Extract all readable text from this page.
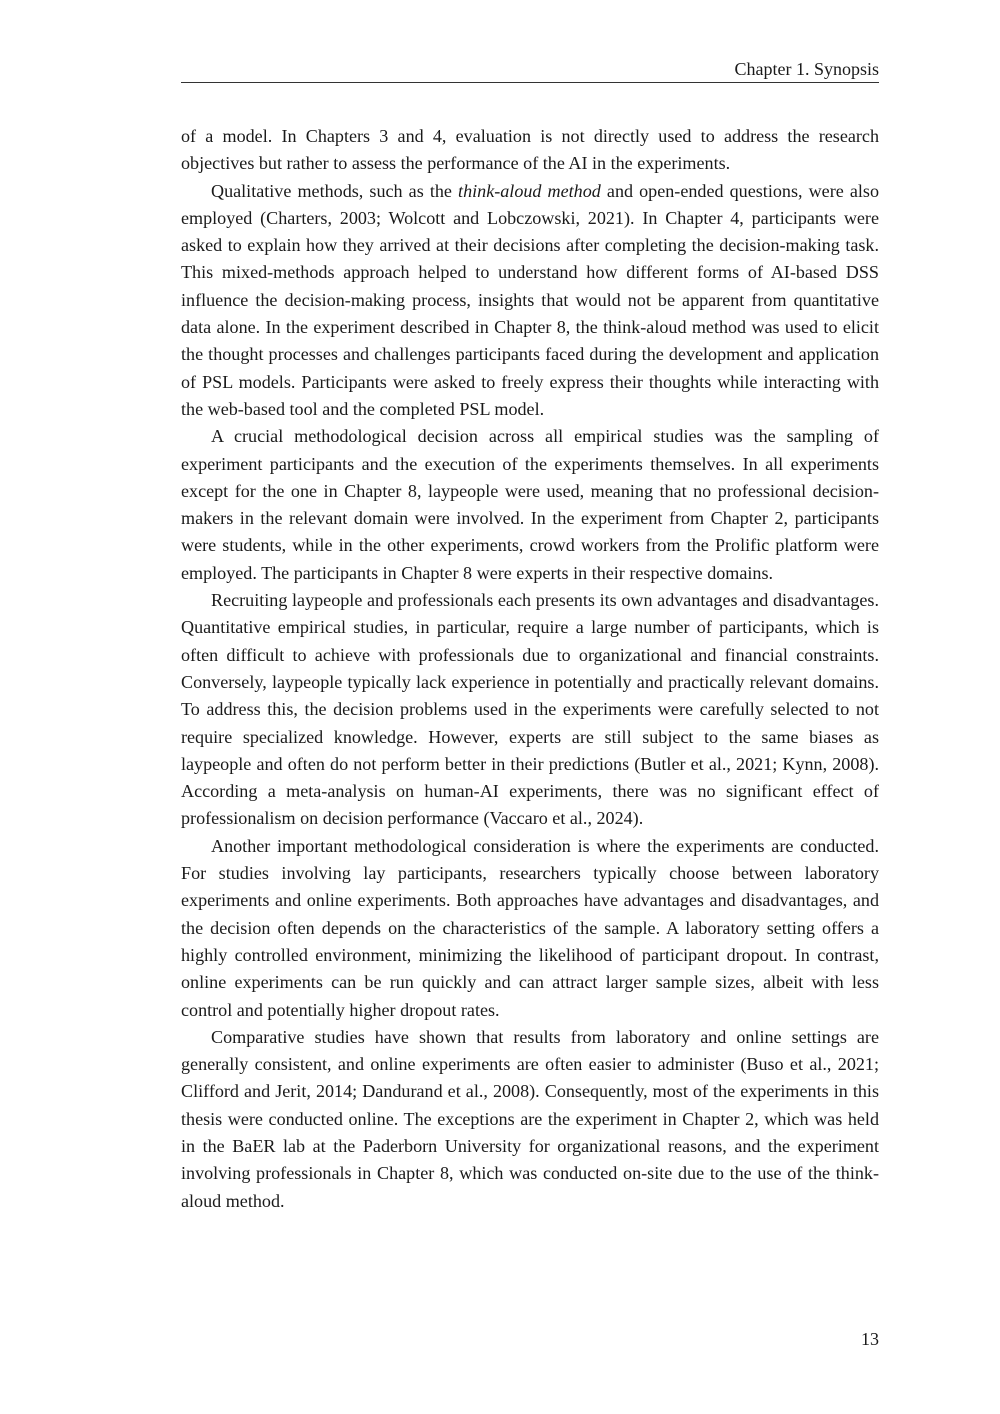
Chapter 1. Synopsis

of a model. In Chapters 3 and 4, evaluation is not directly used to address the research objectives but rather to assess the performance of the AI in the experiments.

Qualitative methods, such as the think-aloud method and open-ended questions, were also employed (Charters, 2003; Wolcott and Lobczowski, 2021). In Chapter 4, participants were asked to explain how they arrived at their decisions after completing the decision-making task. This mixed-methods approach helped to understand how different forms of AI-based DSS influence the decision-making process, insights that would not be apparent from quantitative data alone. In the experiment described in Chapter 8, the think-aloud method was used to elicit the thought processes and challenges participants faced during the development and application of PSL models. Participants were asked to freely express their thoughts while interacting with the web-based tool and the completed PSL model.

A crucial methodological decision across all empirical studies was the sampling of experiment participants and the execution of the experiments themselves. In all experiments except for the one in Chapter 8, laypeople were used, meaning that no professional decision-makers in the relevant domain were involved. In the experiment from Chapter 2, participants were students, while in the other experiments, crowd workers from the Prolific platform were employed. The participants in Chapter 8 were experts in their respective domains.

Recruiting laypeople and professionals each presents its own advantages and disadvantages. Quantitative empirical studies, in particular, require a large number of participants, which is often difficult to achieve with professionals due to organizational and financial constraints. Conversely, laypeople typically lack experience in potentially and practically relevant domains. To address this, the decision problems used in the experiments were carefully selected to not require specialized knowledge. However, experts are still subject to the same biases as laypeople and often do not perform better in their predictions (Butler et al., 2021; Kynn, 2008). According a meta-analysis on human-AI experiments, there was no significant effect of professionalism on decision performance (Vaccaro et al., 2024).

Another important methodological consideration is where the experiments are conducted. For studies involving lay participants, researchers typically choose between laboratory experiments and online experiments. Both approaches have advantages and disadvantages, and the decision often depends on the characteristics of the sample. A laboratory setting offers a highly controlled environment, minimizing the likelihood of participant dropout. In contrast, online experiments can be run quickly and can attract larger sample sizes, albeit with less control and potentially higher dropout rates.

Comparative studies have shown that results from laboratory and online settings are generally consistent, and online experiments are often easier to administer (Buso et al., 2021; Clifford and Jerit, 2014; Dandurand et al., 2008). Consequently, most of the experiments in this thesis were conducted online. The exceptions are the experiment in Chapter 2, which was held in the BaER lab at the Paderborn University for organizational reasons, and the experiment involving professionals in Chapter 8, which was conducted on-site due to the use of the think-aloud method.

13
